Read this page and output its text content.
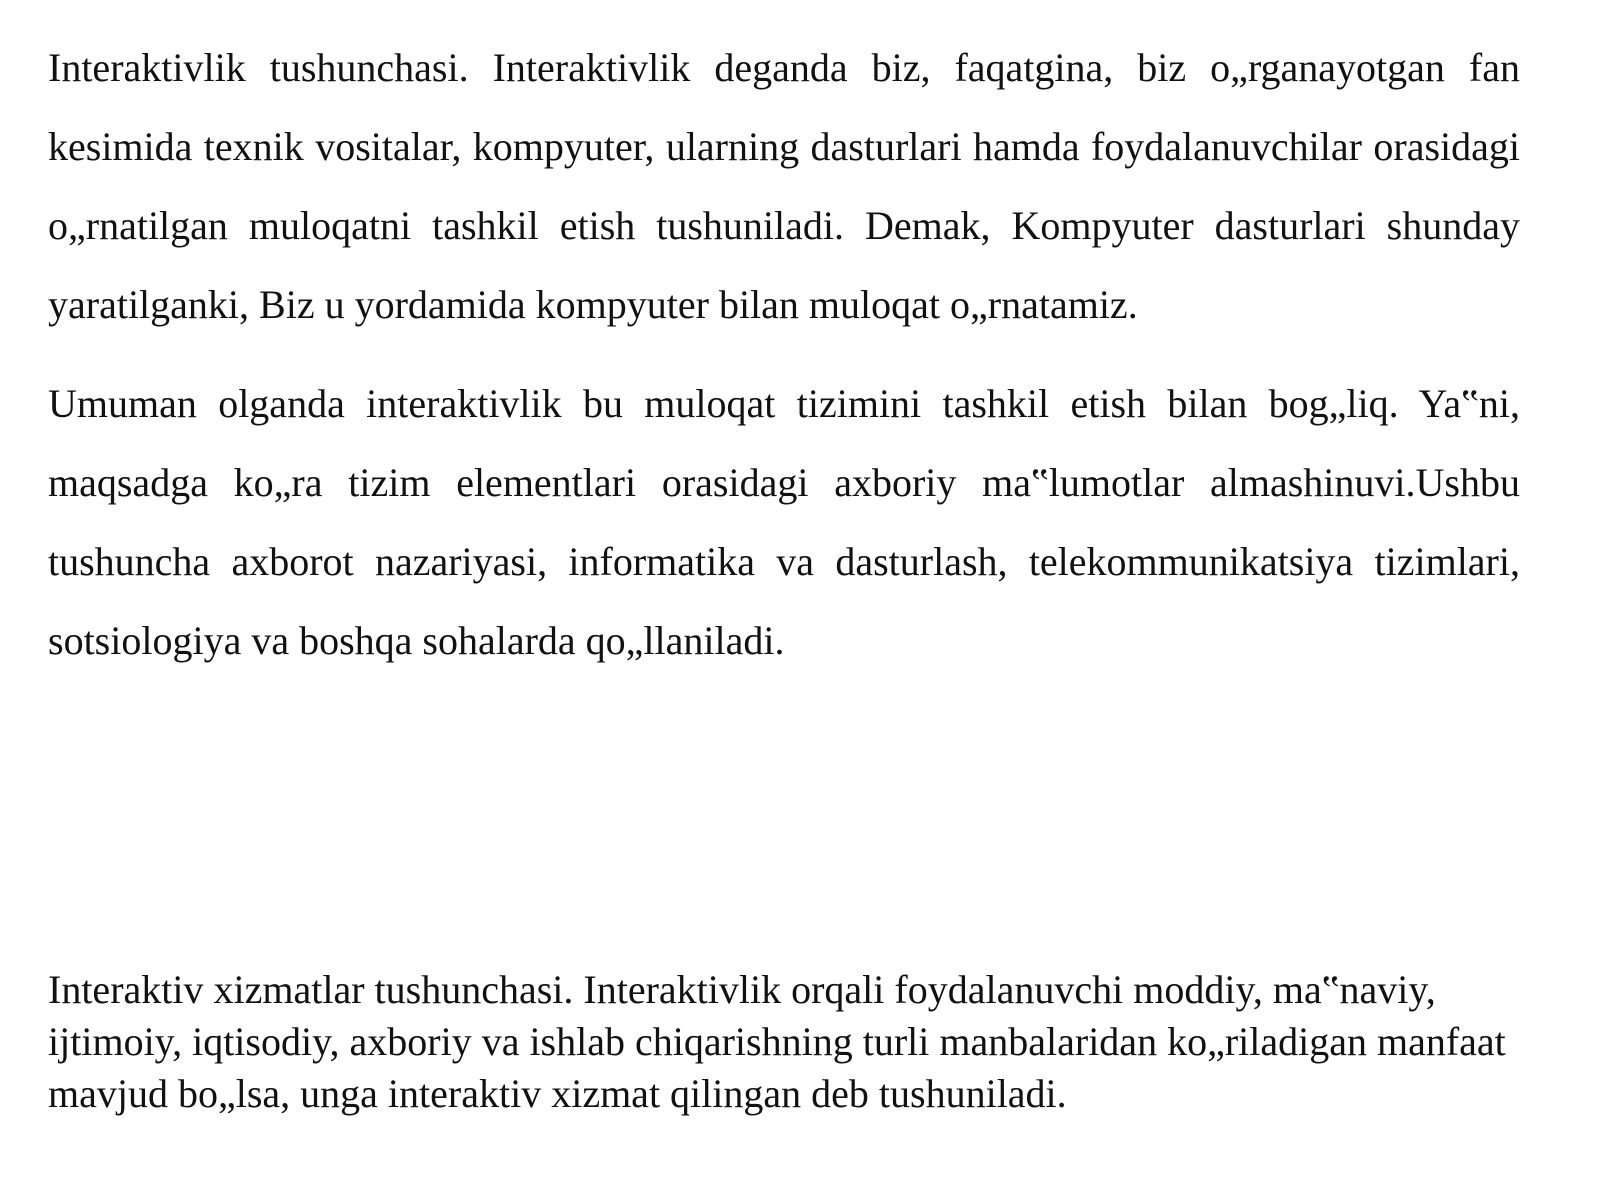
Interaktivlik tushunchasi. Interaktivlik deganda biz, faqatgina, biz o„rganayotgan fan kesimida texnik vositalar, kompyuter, ularning dasturlari hamda foydalanuvchilar orasidagi o„rnatilgan muloqatni tashkil etish tushuniladi. Demak, Kompyuter dasturlari shunday yaratilganki, Biz u yordamida kompyuter bilan muloqat o„rnatamiz.

Umuman olganda interaktivlik bu muloqat tizimini tashkil etish bilan bog„liq. Ya‟ni, maqsadga ko„ra tizim elementlari orasidagi axboriy ma‟lumotlar almashinuvi.Ushbu tushuncha axborot nazariyasi, informatika va dasturlash, telekommunikatsiya tizimlari, sotsiologiya va boshqa sohalarda qo„llaniladi.

Interaktiv xizmatlar tushunchasi. Interaktivlik orqali foydalanuvchi moddiy, ma‟naviy, ijtimoiy, iqtisodiy, axboriy va ishlab chiqarishning turli manbalaridan ko„riladigan manfaat mavjud bo„lsa, unga interaktiv xizmat qilingan deb tushuniladi.
